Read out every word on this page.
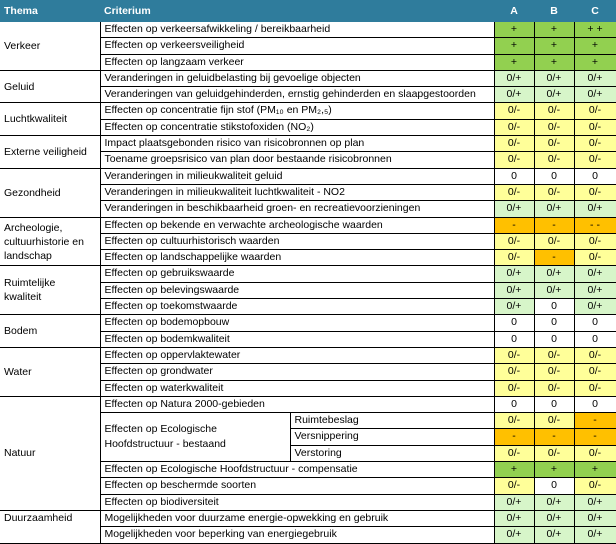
Thema	Criterium		A	B	C
Verkeer	Effecten op verkeersafwikkeling / bereikbaarheid		+	+	+ +
	Effecten op verkeersveiligheid		+	+	+
	Effecten op langzaam verkeer		+	+	+
Geluid	Veranderingen in geluidbelasting bij gevoelige objecten		0/+	0/+	0/+
	Veranderingen van geluidgehinderden, ernstig gehinderden en slaapgestoorden		0/+	0/+	0/+
Luchtkwaliteit	Effecten op concentratie fijn stof (PM₁₀ en PM₂,₅)		0/-	0/-	0/-
	Effecten op concentratie stikstofoxiden (NO₂)		0/-	0/-	0/-
Externe veiligheid	Impact plaatsgebonden risico van risicobronnen op plan		0/-	0/-	0/-
	Toename groepsrisico van plan door bestaande risicobronnen		0/-	0/-	0/-
Gezondheid	Veranderingen in milieukwaliteit geluid		0	0	0
	Veranderingen in milieukwaliteit luchtkwaliteit - NO2		0/-	0/-	0/-
	Veranderingen in beschikbaarheid groen- en recreatievoorzieningen		0/+	0/+	0/+
Archeologie, cultuurhistorie en landschap	Effecten op bekende en verwachte archeologische waarden		-	-	- -
	Effecten op cultuurhistorisch waarden		0/-	0/-	0/-
	Effecten op landschappelijke waarden		0/-	-	0/-
Ruimtelijke kwaliteit	Effecten op gebruikswaarde		0/+	0/+	0/+
	Effecten op belevingswaarde		0/+	0/+	0/+
	Effecten op toekomstwaarde		0/+	0	0/+
Bodem	Effecten op bodemopbouw		0	0	0
	Effecten op bodemkwaliteit		0	0	0
Water	Effecten op oppervlaktewater		0/-	0/-	0/-
	Effecten op grondwater		0/-	0/-	0/-
	Effecten op waterkwaliteit		0/-	0/-	0/-
Natuur	Effecten op Natura 2000-gebieden		0	0	0
	Effecten op Ecologische Hoofdstructuur - bestaand	Ruimtebeslag	0/-	0/-	-
		Versnippering	-	-	-
		Verstoring	0/-	0/-	0/-
	Effecten op Ecologische Hoofdstructuur - compensatie		+	+	+
	Effecten op beschermde soorten		0/-	0	0/-
	Effecten op biodiversiteit		0/+	0/+	0/+
Duurzaamheid	Mogelijkheden voor duurzame energie-opwekking en gebruik		0/+	0/+	0/+
	Mogelijkheden voor beperking van energiegebruik		0/+	0/+	0/+
